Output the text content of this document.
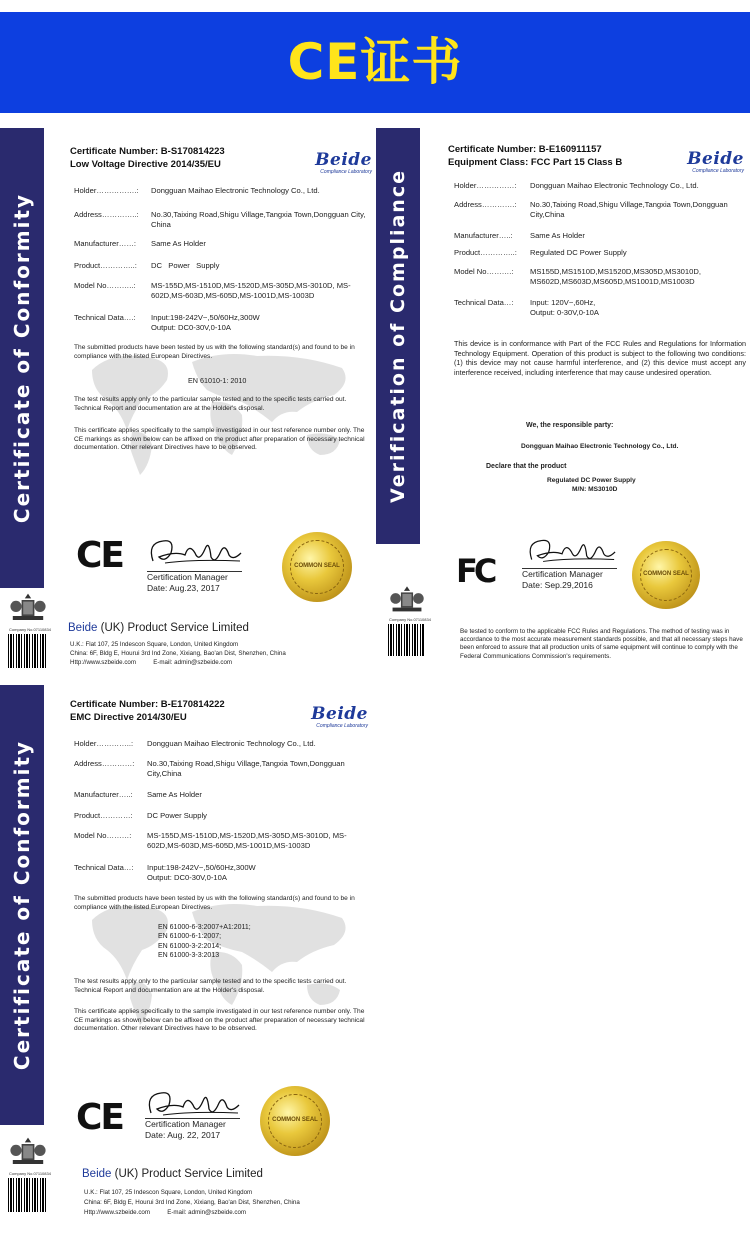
CE证书
Certificate of Conformity
Certificate Number: B-S170814223
Low Voltage Directive 2014/35/EU	Beide
Compliance Laboratory
Holder…………….: Dongguan Maihao Electronic Technology Co., Ltd.
Address…………..: No.30,Taixing Road,Shigu Village,Tangxia Town,Dongguan City, China
Manufacturer……: Same As Holder
Product…………..: DC   Power   Supply
Model No………..: MS-155D,MS-1510D,MS-1520D,MS-305D,MS-3010D, MS-602D,MS-603D,MS-605D,MS-1001D,MS-1003D
Technical Data….: Input:198-242V~,50/60Hz,300W
Output: DC0-30V,0-10A
The submitted products have been tested by us with the following standard(s) and found to be in compliance with the listed European Directives.
EN 61010-1: 2010
The test results apply only to the particular sample tested and to the specific tests carried out. Technical Report and documentation are at the Holder's disposal.
This certificate applies specifically to the sample investigated in our test reference number only. The CE markings as shown below can be affixed on the product after preparation of necessary technical documentation. Other relevant Directives have to be observed.
CE
Certification Manager
Date: Aug.23, 2017
COMMON SEAL
Company No.07110834 Beide (UK) Product Service Limited
U.K.: Flat 107, 25 Indescon Square, London, United Kingdom
China: 6F, Bldg E, Hourui 3rd Ind Zone, Xixiang, Bao'an Dist, Shenzhen, China
Http://www.szbeide.com          E-mail: admin@szbeide.com
Verification of Compliance
Certificate Number: B-E160911157
Equipment Class: FCC Part 15 Class B	Beide
Compliance Laboratory
Holder……………: Dongguan Maihao Electronic Technology Co., Ltd.
Address………….: No.30,Taixing Road,Shigu Village,Tangxia Town,Dongguan City,China
Manufacturer…..: Same As Holder
Product…………..: Regulated DC Power Supply
Model No……….: MS155D,MS1510D,MS1520D,MS305D,MS3010D, MS602D,MS603D,MS605D,MS1001D,MS1003D
Technical Data…: Input: 120V~,60Hz,
Output: 0-30V,0-10A
This device is in conformance with Part of the FCC Rules and Regulations for Information Technology Equipment. Operation of this product is subject to the following two conditions: (1) this device may not cause harmful interference, and (2) this device must accept any interference received, including interference that may cause undesired operation.
We, the responsible party:
Dongguan Maihao Electronic Technology Co., Ltd.
Declare that the product
Regulated DC Power Supply
M/N: MS3010D
FC	Certification Manager
Date: Sep.29,2016
COMMON SEAL
Company No.07110834
Be tested to conform to the applicable FCC Rules and Regulations. The method of testing was in accordance to the most accurate measurement standards possible, and that all necessary steps have been enforced to assure that all production units of same equipment will continue to comply with the Federal Communications Commission's requirements.
Certificate of Conformity
Certificate Number: B-E170814222
EMC Directive 2014/30/EU	Beide
Compliance Laboratory
Holder…………..: Dongguan Maihao Electronic Technology Co., Ltd.
Address…………: No.30,Taixing Road,Shigu Village,Tangxia Town,Dongguan City,China
Manufacturer…..: Same As Holder
Product…………: DC Power Supply
Model No………: MS-155D,MS-1510D,MS-1520D,MS-305D,MS-3010D, MS-602D,MS-603D,MS-605D,MS-1001D,MS-1003D
Technical Data…: Input:198-242V~,50/60Hz,300W
Output: DC0-30V,0-10A
The submitted products have been tested by us with the following standard(s) and found to be in compliance with the listed European Directives.
EN 61000-6-3:2007+A1:2011;
EN 61000-6-1:2007;
EN 61000-3-2:2014;
EN 61000-3-3:2013
The test results apply only to the particular sample tested and to the specific tests carried out. Technical Report and documentation are at the Holder's disposal.
This certificate applies specifically to the sample investigated in our test reference number only. The CE markings as shown below can be affixed on the product after preparation of necessary technical documentation. Other relevant Directives have to be observed.
CE	Certification Manager
Date: Aug. 22, 2017
COMMON SEAL
Company No.07110834	Beide (UK) Product Service Limited
U.K.: Flat 107, 25 Indescon Square, London, United Kingdom
China: 6F, Bldg E, Hourui 3rd Ind Zone, Xixiang, Bao'an Dist, Shenzhen, China
Http://www.szbeide.com          E-mail: admin@szbeide.com
